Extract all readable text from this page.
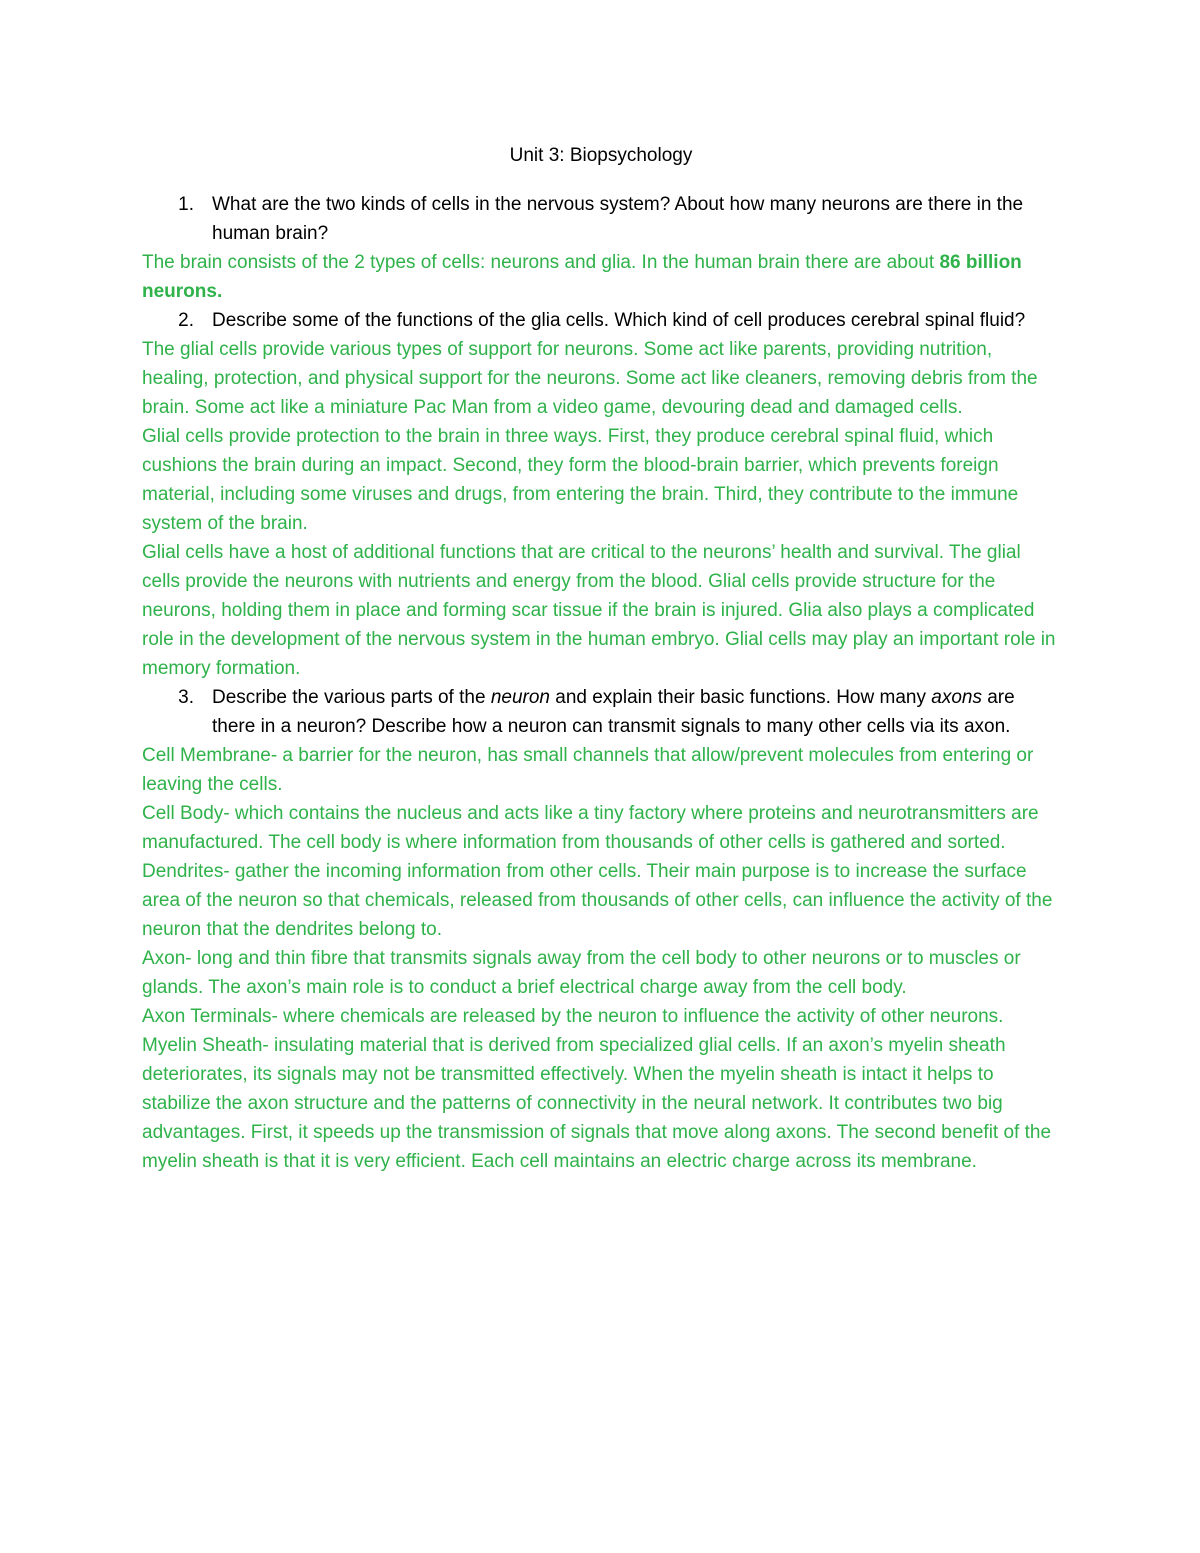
Unit 3: Biopsychology
1. What are the two kinds of cells in the nervous system? About how many neurons are there in the human brain?

The brain consists of the 2 types of cells: neurons and glia. In the human brain there are about 86 billion neurons.

2. Describe some of the functions of the glia cells. Which kind of cell produces cerebral spinal fluid?

The glial cells provide various types of support for neurons. Some act like parents, providing nutrition, healing, protection, and physical support for the neurons. Some act like cleaners, removing debris from the brain. Some act like a miniature Pac Man from a video game, devouring dead and damaged cells.

Glial cells provide protection to the brain in three ways. First, they produce cerebral spinal fluid, which cushions the brain during an impact. Second, they form the blood-brain barrier, which prevents foreign material, including some viruses and drugs, from entering the brain. Third, they contribute to the immune system of the brain.

Glial cells have a host of additional functions that are critical to the neurons’ health and survival. The glial cells provide the neurons with nutrients and energy from the blood. Glial cells provide structure for the neurons, holding them in place and forming scar tissue if the brain is injured. Glia also plays a complicated role in the development of the nervous system in the human embryo. Glial cells may play an important role in memory formation.

3. Describe the various parts of the neuron and explain their basic functions. How many axons are there in a neuron? Describe how a neuron can transmit signals to many other cells via its axon.

Cell Membrane- a barrier for the neuron, has small channels that allow/prevent molecules from entering or leaving the cells.

Cell Body- which contains the nucleus and acts like a tiny factory where proteins and neurotransmitters are manufactured. The cell body is where information from thousands of other cells is gathered and sorted.

Dendrites- gather the incoming information from other cells. Their main purpose is to increase the surface area of the neuron so that chemicals, released from thousands of other cells, can influence the activity of the neuron that the dendrites belong to.

Axon- long and thin fibre that transmits signals away from the cell body to other neurons or to muscles or glands. The axon’s main role is to conduct a brief electrical charge away from the cell body.

Axon Terminals- where chemicals are released by the neuron to influence the activity of other neurons.

Myelin Sheath- insulating material that is derived from specialized glial cells. If an axon’s myelin sheath deteriorates, its signals may not be transmitted effectively. When the myelin sheath is intact it helps to stabilize the axon structure and the patterns of connectivity in the neural network. It contributes two big advantages. First, it speeds up the transmission of signals that move along axons. The second benefit of the myelin sheath is that it is very efficient. Each cell maintains an electric charge across its membrane.
